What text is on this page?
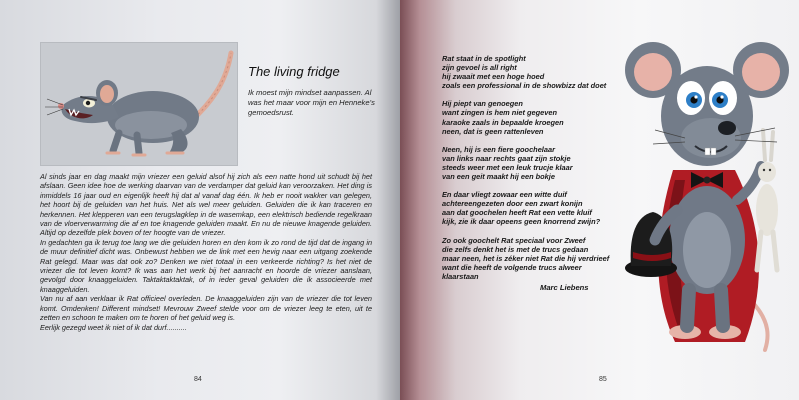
The living fridge
Ik moest mijn mindset aanpassen. Al was het maar voor mijn en Henneke’s gemoedsrust.

Al sinds jaar en dag maakt mijn vriezer een geluid alsof hij zich als een natte hond uit schudt bij het afslaan. Geen idee hoe de werking daarvan van de verdamper dat geluid kan veroorzaken. Het ding is inmiddels 16 jaar oud en eigenlijk heeft hij dat al vanaf dag één. Ik heb er nooit wakker van gelegen, het hoort bij de geluiden van het huis. Net als wel meer geluiden. Geluiden die ik kan traceren en herkennen. Het klepperen van een terugslagklep in de wasemkap, een elektrisch bediende regelkraan van de vloerverwarming die af en toe knagende geluiden maakt. En nu de nieuwe knagende geluiden. Altijd op dezelfde plek boven of ter hoogte van de vriezer.

In gedachten ga ik terug toe lang we die geluiden horen en den kom ik zo rond de tijd dat de ingang in de muur definitief dicht was. Onbewust hebben we de link met een hevig naar een uitgang zoekende Rat gelegd. Maar was dat ook zo? Denken we niet totaal in een verkeerde richting? Is het niet de vriezer die tot leven komt? Ik was aan het werk bij het aanracht en hoorde de vriezer aanslaan, gevolgd door knaaggeluiden. Taktaktaktaktak, of in ieder geval geluiden die ik associeerde met knaaggeluiden.

Van nu af aan verklaar ik Rat officieel overleden. De knaaggeluiden zijn van de vriezer die tot leven komt. Omdenken! Different mindset! Mevrouw Zweef stelde voor om de vriezer leeg te eten, uit te zetten en schoon te maken om te horen of het geluid weg is.

Eerlijk gezegd weet ik niet of ik dat durf..........

84
Rat staat in de spotlight
zijn gevoel is all right
hij zwaait met een hoge hoed
zoals een professional in de showbizz dat doet
Hij piept van genoegen
want zingen is hem niet gegeven
karaoke zaals in bepaalde kroegen
neen, dat is geen rattenleven
Neen, hij is een fiere goochelaar
van links naar rechts gaat zijn stokje
steeds weer met een leuk trucje klaar
van een geit maakt hij een bokje
En daar vliegt zowaar een witte duif
achtereengezeten door een zwart konijn
aan dat goochelen heeft Rat een vette kluif
kijk, zie ik daar opeens geen knorrend zwijn?
Zo ook goochelt Rat speciaal voor Zweef
die zelfs denkt het is met de trucs gedaan
maar neen, het is zéker niet Rat die hij verdrieef
want die heeft de volgende trucs alweer
klaarstaan
Marc Liebens
85
